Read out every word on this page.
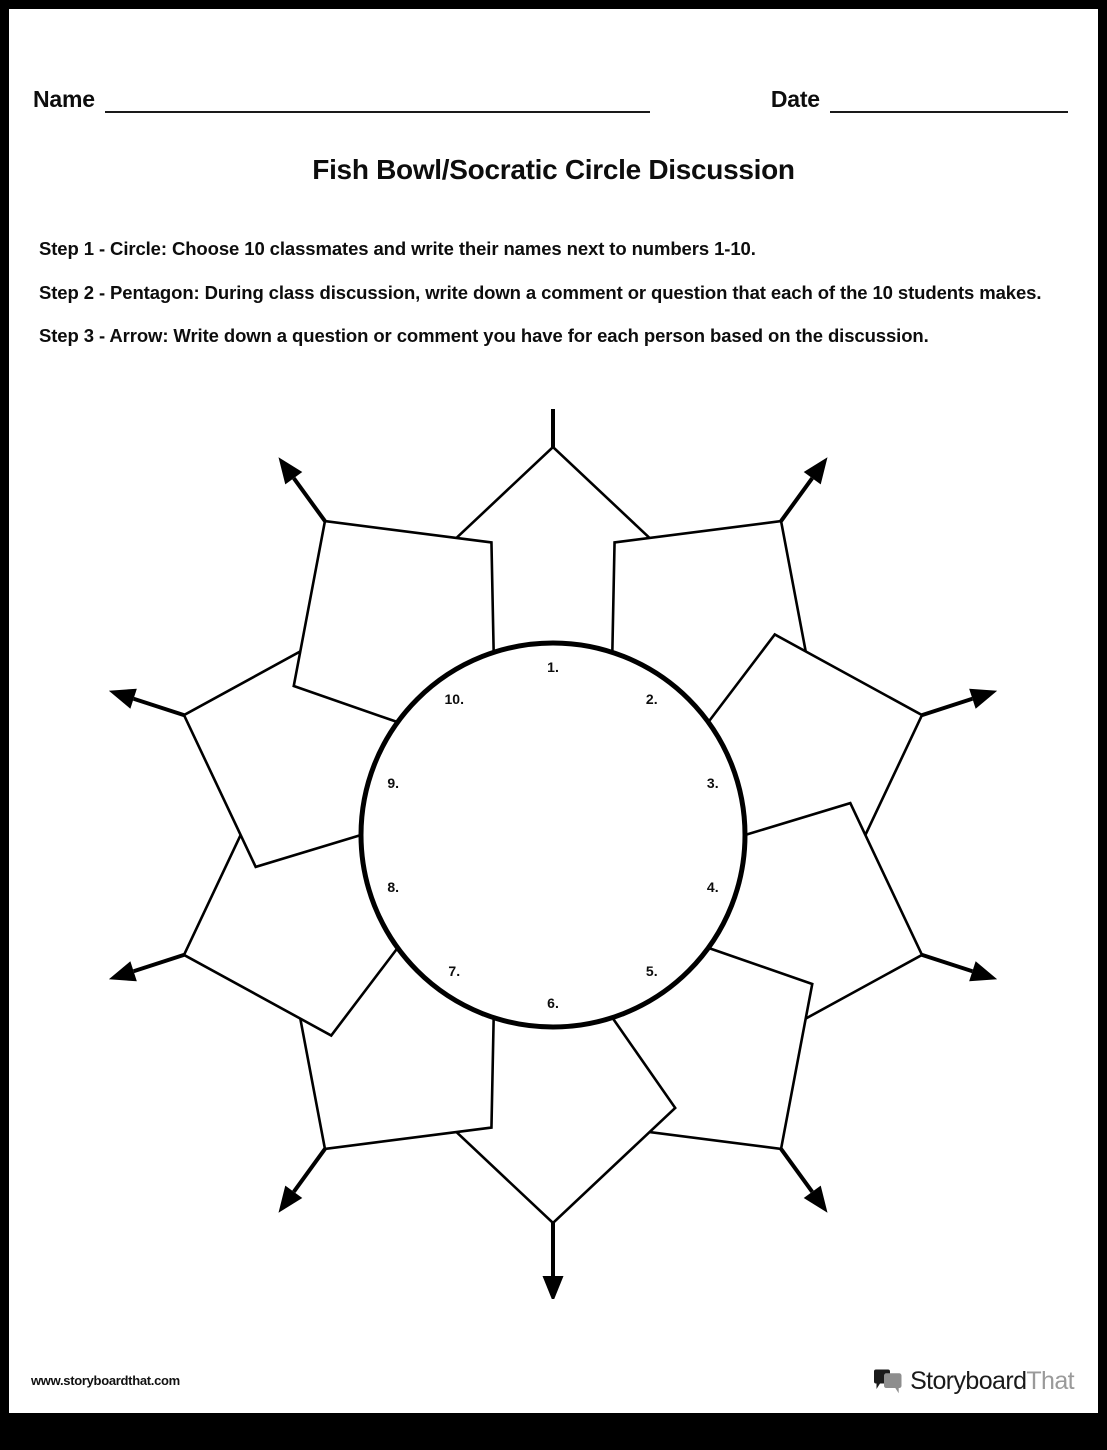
Name	Date
Fish Bowl/Socratic Circle Discussion
Step 1 - Circle: Choose 10 classmates and write their names next to numbers 1-10.
Step 2 - Pentagon: During class discussion, write down a comment or question that each of the 10 students makes.
Step 3 - Arrow: Write down a question or comment you have for each person based on the discussion.
1.
2.
3.
4.
5.
6.
7.
8.
9.
10.
www.storyboardthat.com	StoryboardThat
